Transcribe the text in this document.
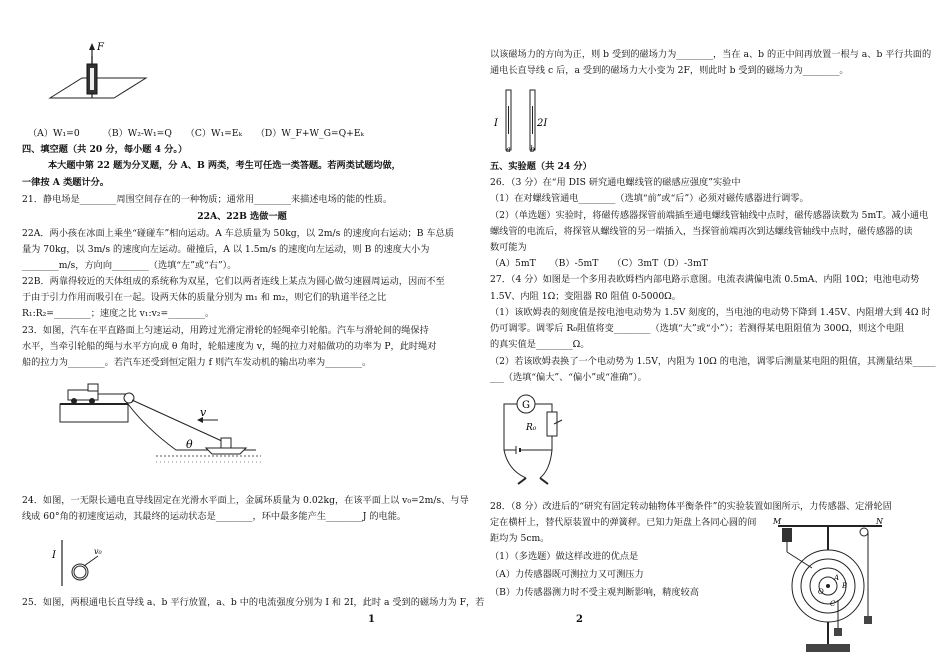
F

（A）W₁=0　　　（B）W₂-W₁=Q　　（C）W₁=Eₖ　　（D）W_F+W_G=Q+Eₖ

四、填空题（共 20 分，每小题 4 分。）

本大题中第 22 题为分叉题，分 A、B 两类，考生可任选一类答题。若两类试题均做，

一律按 A 类题计分。

21．静电场是________周围空间存在的一种物质；通常用________来描述电场的能的性质。

22A、22B 选做一题

22A．两小孩在冰面上乘坐“碰碰车”相向运动。A 车总质量为 50kg，以 2m/s 的速度向右运动；B 车总质

量为 70kg，以 3m/s 的速度向左运动。碰撞后，A 以 1.5m/s 的速度向左运动，则 B 的速度大小为

________m/s，方向向________（选填“左”或“右”）。

22B．两靠得较近的天体组成的系统称为双星，它们以两者连线上某点为圆心做匀速圆周运动，因而不至

于由于引力作用而吸引在一起。设两天体的质量分别为 m₁ 和 m₂，则它们的轨道半径之比

R₁:R₂=________；速度之比 v₁:v₂=________。

23．如图，汽车在平直路面上匀速运动，用跨过光滑定滑轮的轻绳牵引轮船。汽车与滑轮间的绳保持

水平，当牵引轮船的绳与水平方向成 θ 角时，轮船速度为 v，绳的拉力对船做功的功率为 P，此时绳对

船的拉力为________。若汽车还受到恒定阻力 f 则汽车发动机的输出功率为________。

v
θ

24．如图，一无限长通电直导线固定在光滑水平面上，金属环质量为 0.02kg，在该平面上以 v₀=2m/s、与导

线成 60°角的初速度运动，其最终的运动状态是________，环中最多能产生________J 的电能。

I	v₀

25．如图，两根通电长直导线 a、b 平行放置，a、b 中的电流强度分别为 I 和 2I，此时 a 受到的磁场力为 F，若

1

以该磁场力的方向为正，则 b 受到的磁场力为________，当在 a、b 的正中间再放置一根与 a、b 平行共面的

通电长直导线 c 后，a 受到的磁场力大小变为 2F，则此时 b 受到的磁场力为________。

I	2I
a b

五、实验题（共 24 分）

26．（3 分）在“用 DIS 研究通电螺线管的磁感应强度”实验中

（1）在对螺线管通电________（选填“前”或“后”）必须对磁传感器进行调零。

（2）（单选题）实验时，将磁传感器探管前端插至通电螺线管轴线中点时，磁传感器读数为 5mT。减小通电

螺线管的电流后，将探管从螺线管的另一端插入，当探管前端再次到达螺线管轴线中点时，磁传感器的读

数可能为

（A）5mT　　（B）-5mT　　（C）3mT（D）-3mT

27．（4 分）如图是一个多用表欧姆档内部电路示意图。电流表满偏电流 0.5mA、内阻 10Ω；电池电动势

1.5V、内阻 1Ω；变阻器 R0 阻值 0-5000Ω。

（1）该欧姆表的刻度值是按电池电动势为 1.5V 刻度的，当电池的电动势下降到 1.45V、内阻增大到 4Ω 时

仍可调零。调零后 R₀阻值将变________（选填“大”或“小”）；若测得某电阻阻值为 300Ω，则这个电阻

的真实值是________Ω。

（2）若该欧姆表换了一个电动势为 1.5V，内阻为 10Ω 的电池，调零后测量某电阻的阻值，其测量结果_____

___（选填“偏大”、“偏小”或“准确”）。

G
R₀

28．（8 分）改进后的“研究有固定转动轴物体平衡条件”的实验装置如图所示，力传感器、定滑轮固

定在横杆上，替代原装置中的弹簧秤。已知力矩盘上各同心圆的间

距均为 5cm。

（1）（多选题）做这样改进的优点是

（A）力传感器既可测拉力又可测压力

（B）力传感器测力时不受主观判断影响，精度较高

M	N
O
A
B
C
2
